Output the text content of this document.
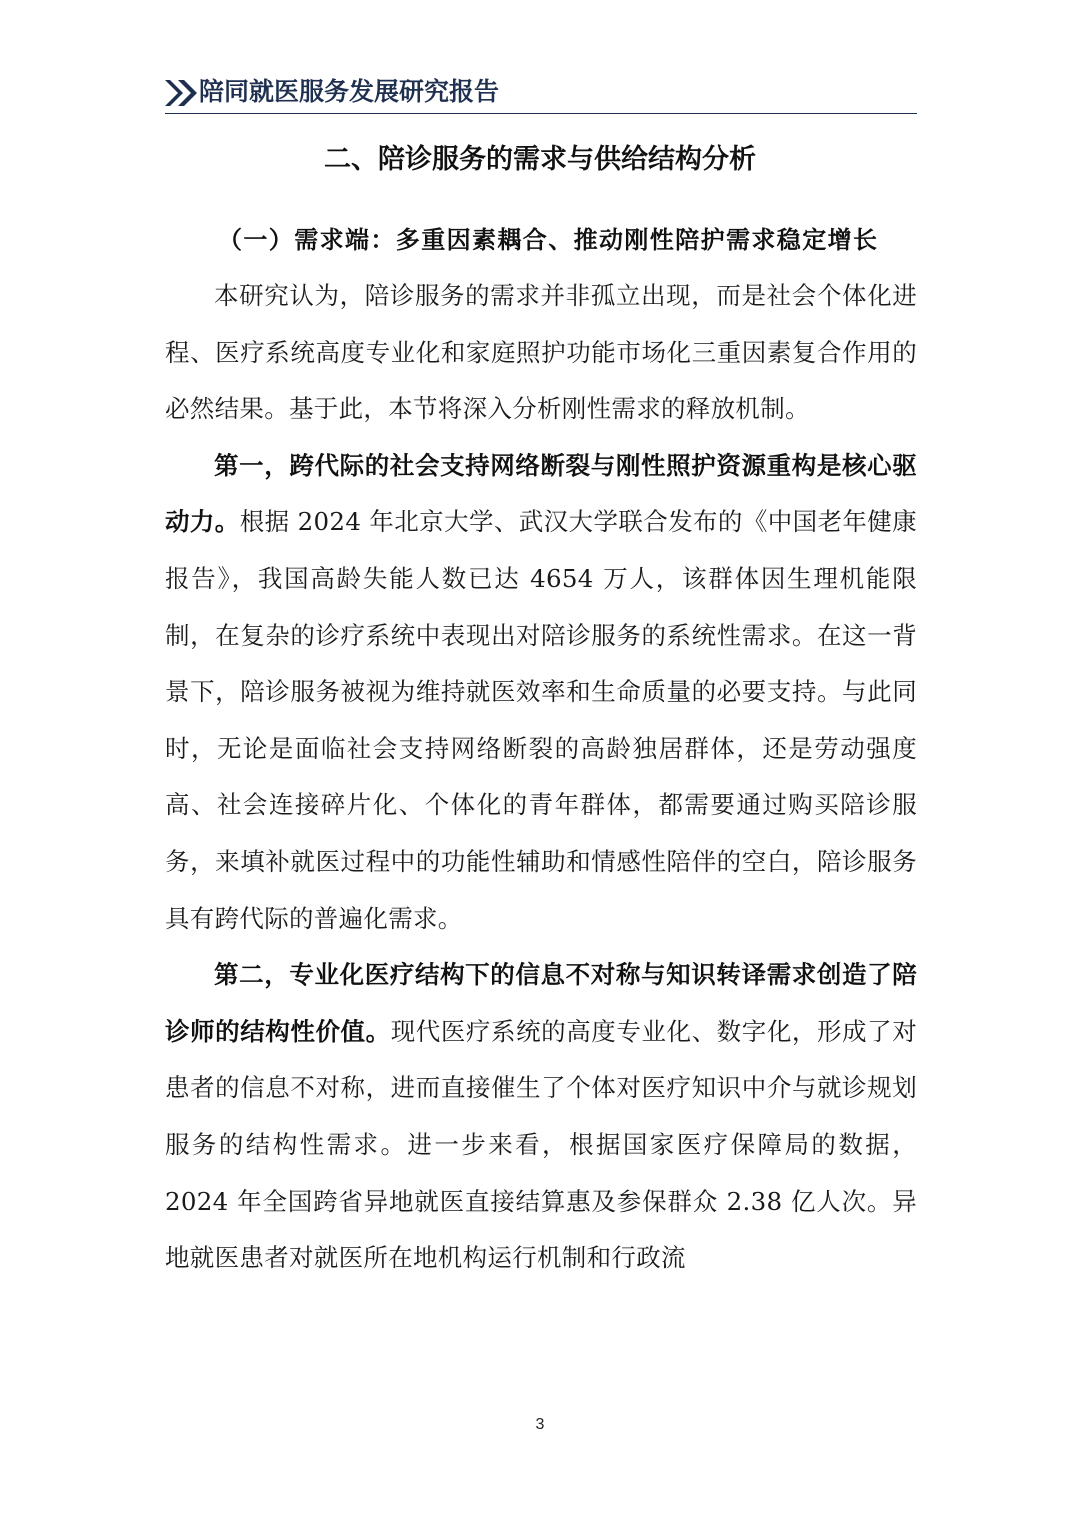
陪同就医服务发展研究报告
二、陪诊服务的需求与供给结构分析
（一）需求端：多重因素耦合、推动刚性陪护需求稳定增长

本研究认为，陪诊服务的需求并非孤立出现，而是社会个体化进程、医疗系统高度专业化和家庭照护功能市场化三重因素复合作用的必然结果。基于此，本节将深入分析刚性需求的释放机制。

第一，跨代际的社会支持网络断裂与刚性照护资源重构是核心驱动力。根据 2024 年北京大学、武汉大学联合发布的《中国老年健康报告》，我国高龄失能人数已达 4654 万人，该群体因生理机能限制，在复杂的诊疗系统中表现出对陪诊服务的系统性需求。在这一背景下，陪诊服务被视为维持就医效率和生命质量的必要支持。与此同时，无论是面临社会支持网络断裂的高龄独居群体，还是劳动强度高、社会连接碎片化、个体化的青年群体，都需要通过购买陪诊服务，来填补就医过程中的功能性辅助和情感性陪伴的空白，陪诊服务具有跨代际的普遍化需求。

第二，专业化医疗结构下的信息不对称与知识转译需求创造了陪诊师的结构性价值。现代医疗系统的高度专业化、数字化，形成了对患者的信息不对称，进而直接催生了个体对医疗知识中介与就诊规划服务的结构性需求。进一步来看，根据国家医疗保障局的数据，2024 年全国跨省异地就医直接结算惠及参保群众 2.38 亿人次。异地就医患者对就医所在地机构运行机制和行政流

3
